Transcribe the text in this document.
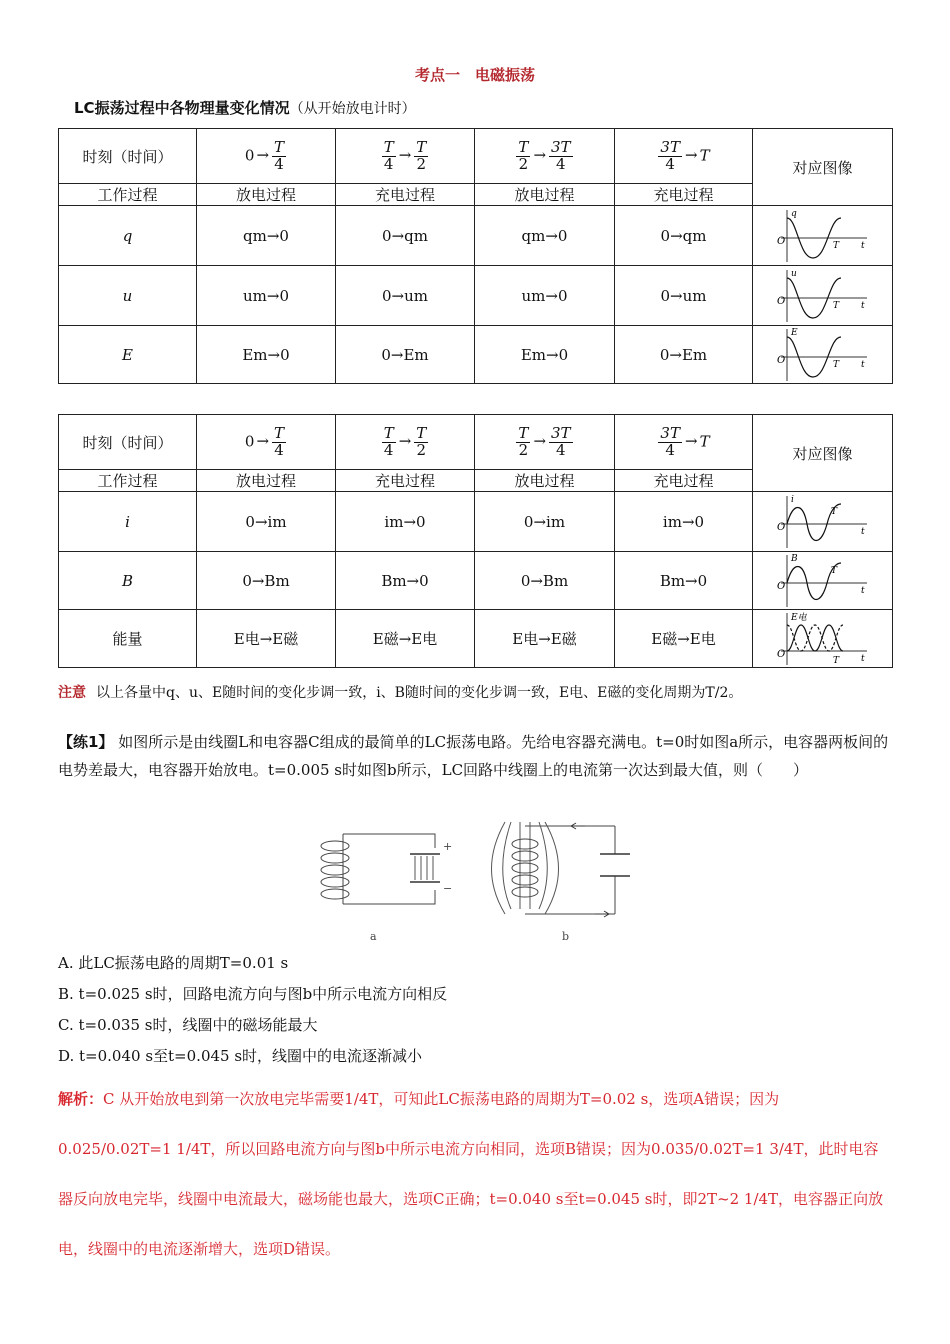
考点一　电磁振荡
LC振荡过程中各物理量变化情况（从开始放电计时）
时刻（时间）	$0 \to \frac{T}{4}$	$\frac{T}{4} \to \frac{T}{2}$	$\frac{T}{2} \to \frac{3T}{4}$	$\frac{3T}{4} \to T$	对应图像
工作过程	放电过程	充电过程	放电过程	充电过程	
q	qm→0	0→qm	qm→0	0→qm	O
q
T t

u	um→0	0→um	um→0	0→um	O
u
T t

E	Em→0	0→Em	Em→0	0→Em	O
E
T t
时刻（时间）	$0 \to \frac{T}{4}$	$\frac{T}{4} \to \frac{T}{2}$	$\frac{T}{2} \to \frac{3T}{4}$	$\frac{3T}{4} \to T$	对应图像
工作过程	放电过程	充电过程	放电过程	充电过程	
i	0→im	im→0	0→im	im→0	O
i
T
t

B	0→Bm	Bm→0	0→Bm	Bm→0	O
B
T
t

能量	E电→E磁	E磁→E电	E电→E磁	E磁→E电	O
E电
T t
注意 以上各量中q、u、E随时间的变化步调一致，i、B随时间的变化步调一致，E电、E磁的变化周期为T/2。
【练1】 如图所示是由线圈L和电容器C组成的最简单的LC振荡电路。先给电容器充满电。t=0时如图a所示，电容器两板间的电势差最大，电容器开始放电。t=0.005 s时如图b所示，LC回路中线圈上的电流第一次达到最大值，则（　　）
+
−
a	b
A. 此LC振荡电路的周期T=0.01 s
B. t=0.025 s时，回路电流方向与图b中所示电流方向相反
C. t=0.035 s时，线圈中的磁场能最大
D. t=0.040 s至t=0.045 s时，线圈中的电流逐渐减小
解析：C 从开始放电到第一次放电完毕需要1/4T，可知此LC振荡电路的周期为T=0.02 s，选项A错误；因为0.025/0.02T=1 1/4T，所以回路电流方向与图b中所示电流方向相同，选项B错误；因为0.035/0.02T=1 3/4T，此时电容器反向放电完毕，线圈中电流最大，磁场能也最大，选项C正确；t=0.040 s至t=0.045 s时，即2T~2 1/4T，电容器正向放电，线圈中的电流逐渐增大，选项D错误。
